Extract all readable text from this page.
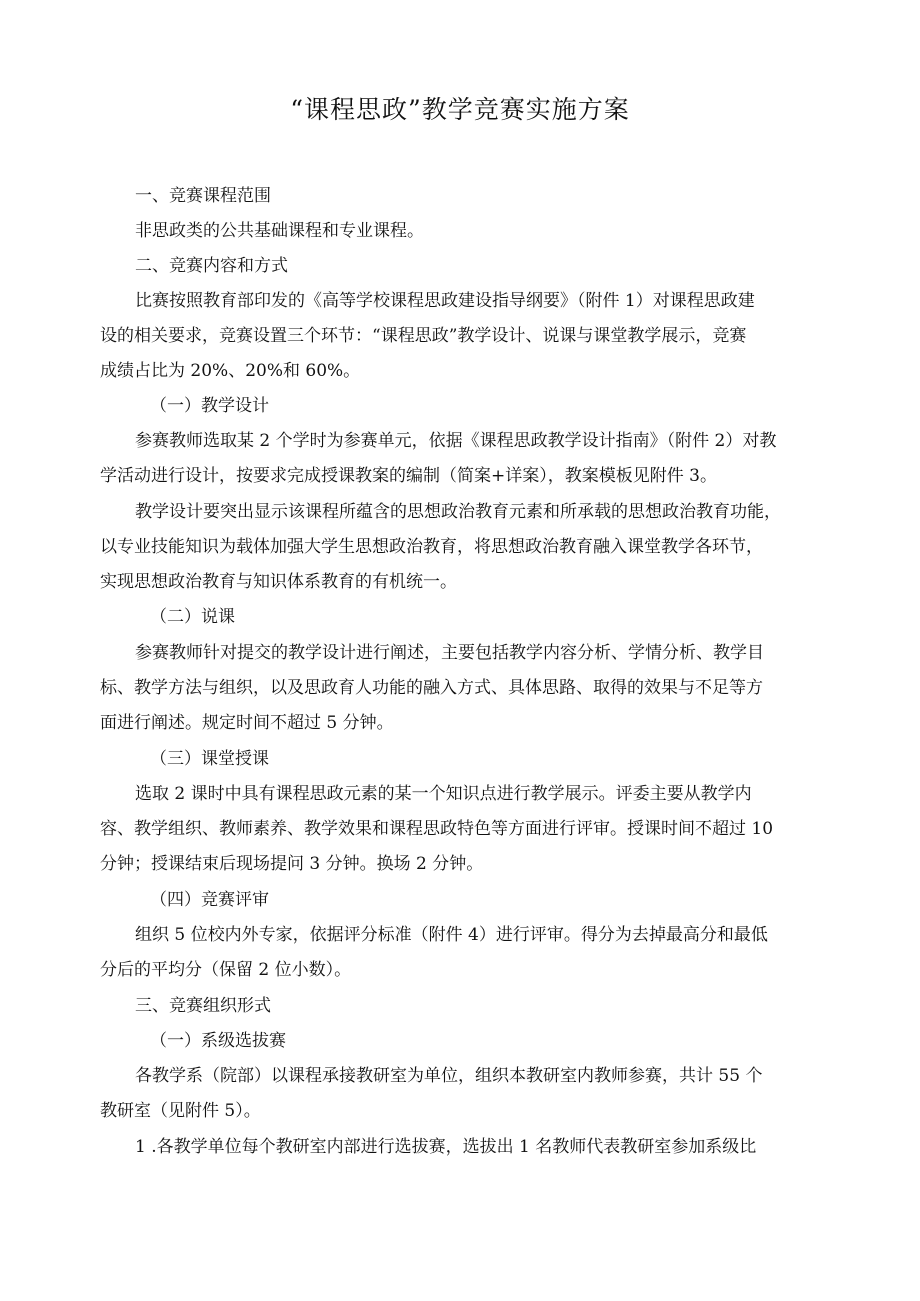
“课程思政”教学竞赛实施方案
一、竞赛课程范围
非思政类的公共基础课程和专业课程。
二、竞赛内容和方式
比赛按照教育部印发的《高等学校课程思政建设指导纲要》（附件 1）对课程思政建
设的相关要求，竞赛设置三个环节：“课程思政”教学设计、说课与课堂教学展示，竞赛
成绩占比为 20%、20%和 60%。
（一）教学设计
参赛教师选取某 2 个学时为参赛单元，依据《课程思政教学设计指南》（附件 2）对教
学活动进行设计，按要求完成授课教案的编制（简案+详案），教案模板见附件 3。
教学设计要突出显示该课程所蕴含的思想政治教育元素和所承载的思想政治教育功能，
以专业技能知识为载体加强大学生思想政治教育，将思想政治教育融入课堂教学各环节，
实现思想政治教育与知识体系教育的有机统一。
（二）说课
参赛教师针对提交的教学设计进行阐述，主要包括教学内容分析、学情分析、教学目
标、教学方法与组织，以及思政育人功能的融入方式、具体思路、取得的效果与不足等方
面进行阐述。规定时间不超过 5 分钟。
（三）课堂授课
选取 2 课时中具有课程思政元素的某一个知识点进行教学展示。评委主要从教学内
容、教学组织、教师素养、教学效果和课程思政特色等方面进行评审。授课时间不超过 10
分钟；授课结束后现场提问 3 分钟。换场 2 分钟。
（四）竞赛评审
组织 5 位校内外专家，依据评分标准（附件 4）进行评审。得分为去掉最高分和最低
分后的平均分（保留 2 位小数）。
三、竞赛组织形式
（一）系级选拔赛
各教学系（院部）以课程承接教研室为单位，组织本教研室内教师参赛，共计 55 个
教研室（见附件 5）。
1 .各教学单位每个教研室内部进行选拔赛，选拔出 1 名教师代表教研室参加系级比
